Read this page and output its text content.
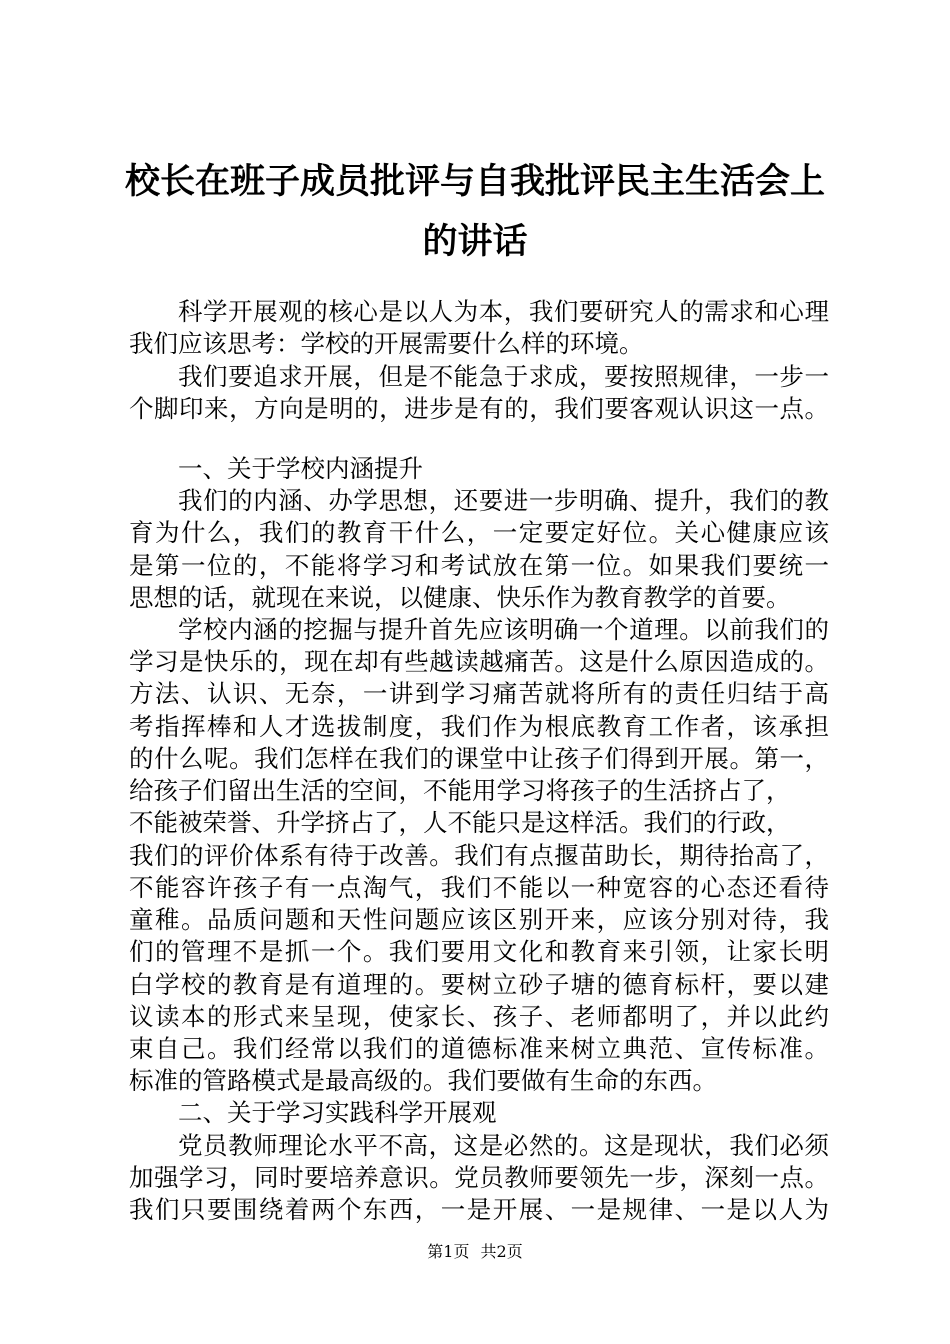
校长在班子成员批评与自我批评民主生活会上
的讲话

科学开展观的核心是以人为本，我们要研究人的需求和心理

我们应该思考：学校的开展需要什么样的环境。

我们要追求开展，但是不能急于求成，要按照规律，一步一

个脚印来，方向是明的，进步是有的，我们要客观认识这一点。

一、关于学校内涵提升

我们的内涵、办学思想，还要进一步明确、提升，我们的教

育为什么，我们的教育干什么，一定要定好位。关心健康应该

是第一位的，不能将学习和考试放在第一位。如果我们要统一

思想的话，就现在来说，以健康、快乐作为教育教学的首要。

学校内涵的挖掘与提升首先应该明确一个道理。以前我们的

学习是快乐的，现在却有些越读越痛苦。这是什么原因造成的。

方法、认识、无奈，一讲到学习痛苦就将所有的责任归结于高

考指挥棒和人才选拔制度，我们作为根底教育工作者，该承担

的什么呢。我们怎样在我们的课堂中让孩子们得到开展。第一，

给孩子们留出生活的空间，不能用学习将孩子的生活挤占了，

不能被荣誉、升学挤占了，人不能只是这样活。我们的行政，

我们的评价体系有待于改善。我们有点揠苗助长，期待抬高了，

不能容许孩子有一点淘气，我们不能以一种宽容的心态还看待

童稚。品质问题和天性问题应该区别开来，应该分别对待，我

们的管理不是抓一个。我们要用文化和教育来引领，让家长明

白学校的教育是有道理的。要树立砂子塘的德育标杆，要以建

议读本的形式来呈现，使家长、孩子、老师都明了，并以此约

束自己。我们经常以我们的道德标准来树立典范、宣传标准。

标准的管路模式是最高级的。我们要做有生命的东西。

二、关于学习实践科学开展观

党员教师理论水平不高，这是必然的。这是现状，我们必须

加强学习，同时要培养意识。党员教师要领先一步，深刻一点。

我们只要围绕着两个东西，一是开展、一是规律、一是以人为

第1页 共2页
